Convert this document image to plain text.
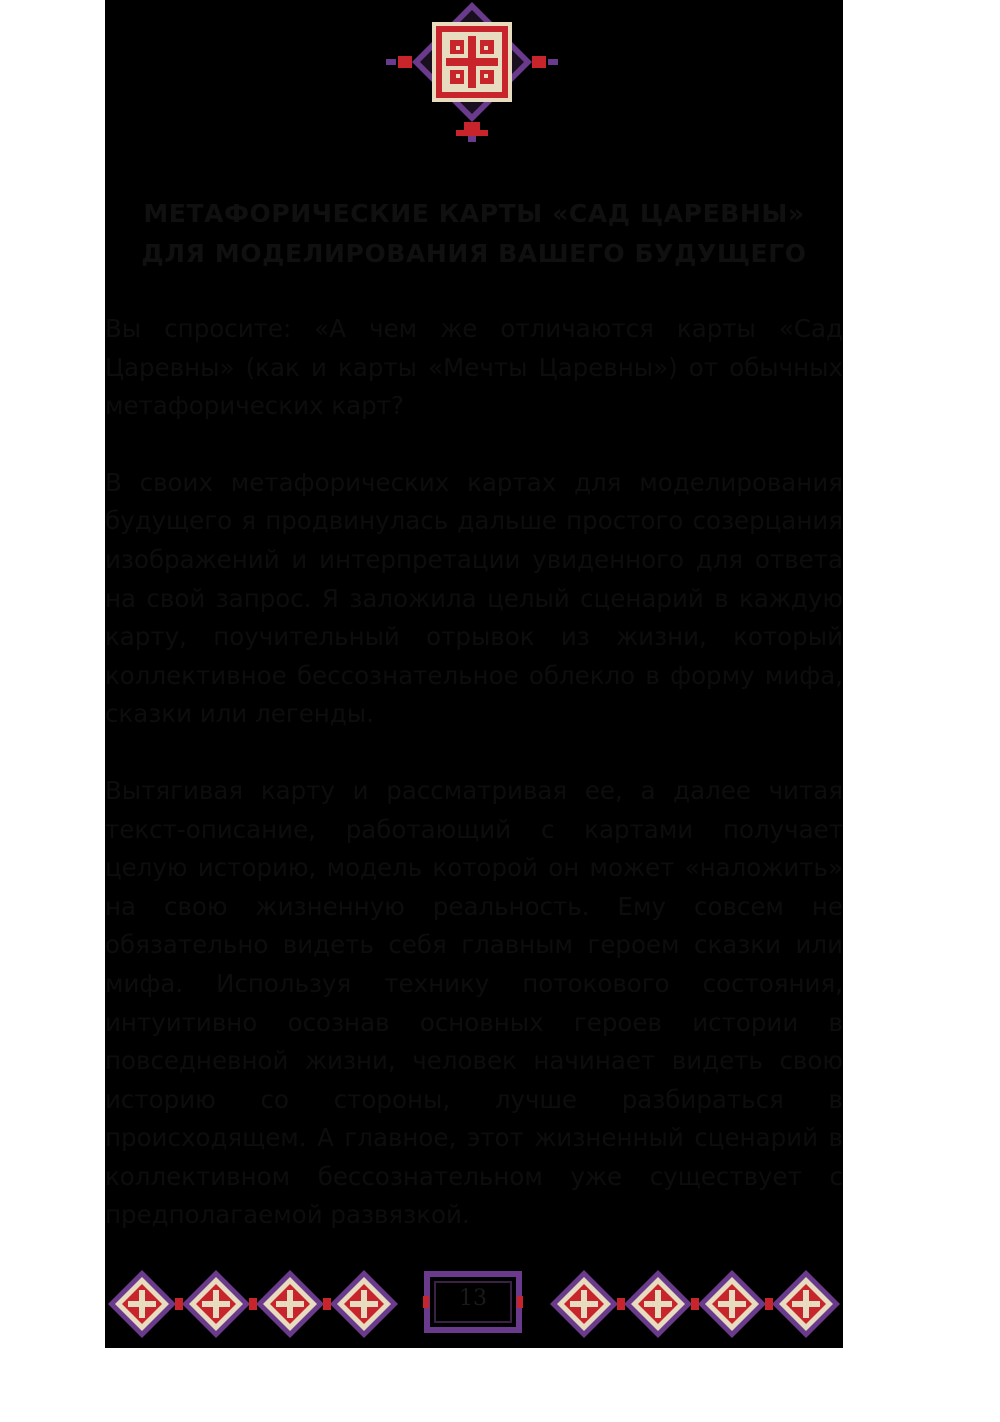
МЕТАФОРИЧЕСКИЕ КАРТЫ «САД ЦАРЕВНЫ»
ДЛЯ МОДЕЛИРОВАНИЯ ВАШЕГО БУДУЩЕГО

Вы спросите: «А чем же отличаются карты «Сад Царевны» (как и карты «Мечты Царевны») от обычных метафорических карт?

В своих метафорических картах для моделирования будущего я продвинулась дальше простого созерцания изображений и интерпретации увиденного для ответа на свой запрос. Я заложила целый сценарий в каждую карту, поучительный отрывок из жизни, который коллективное бессознательное облекло в форму мифа, сказки или легенды.

Вытягивая карту и рассматривая ее, а далее читая текст-описание, работающий с картами получает целую историю, модель которой он может «наложить» на свою жизненную реальность. Ему совсем не обязательно видеть себя главным героем сказки или мифа. Используя технику потокового состояния, интуитивно осознав основных героев истории в повседневной жизни, человек начинает видеть свою историю со стороны, лучше разбираться в происходящем. А главное, этот жизненный сценарий в коллективном бессознательном уже существует с предполагаемой развязкой.

13
